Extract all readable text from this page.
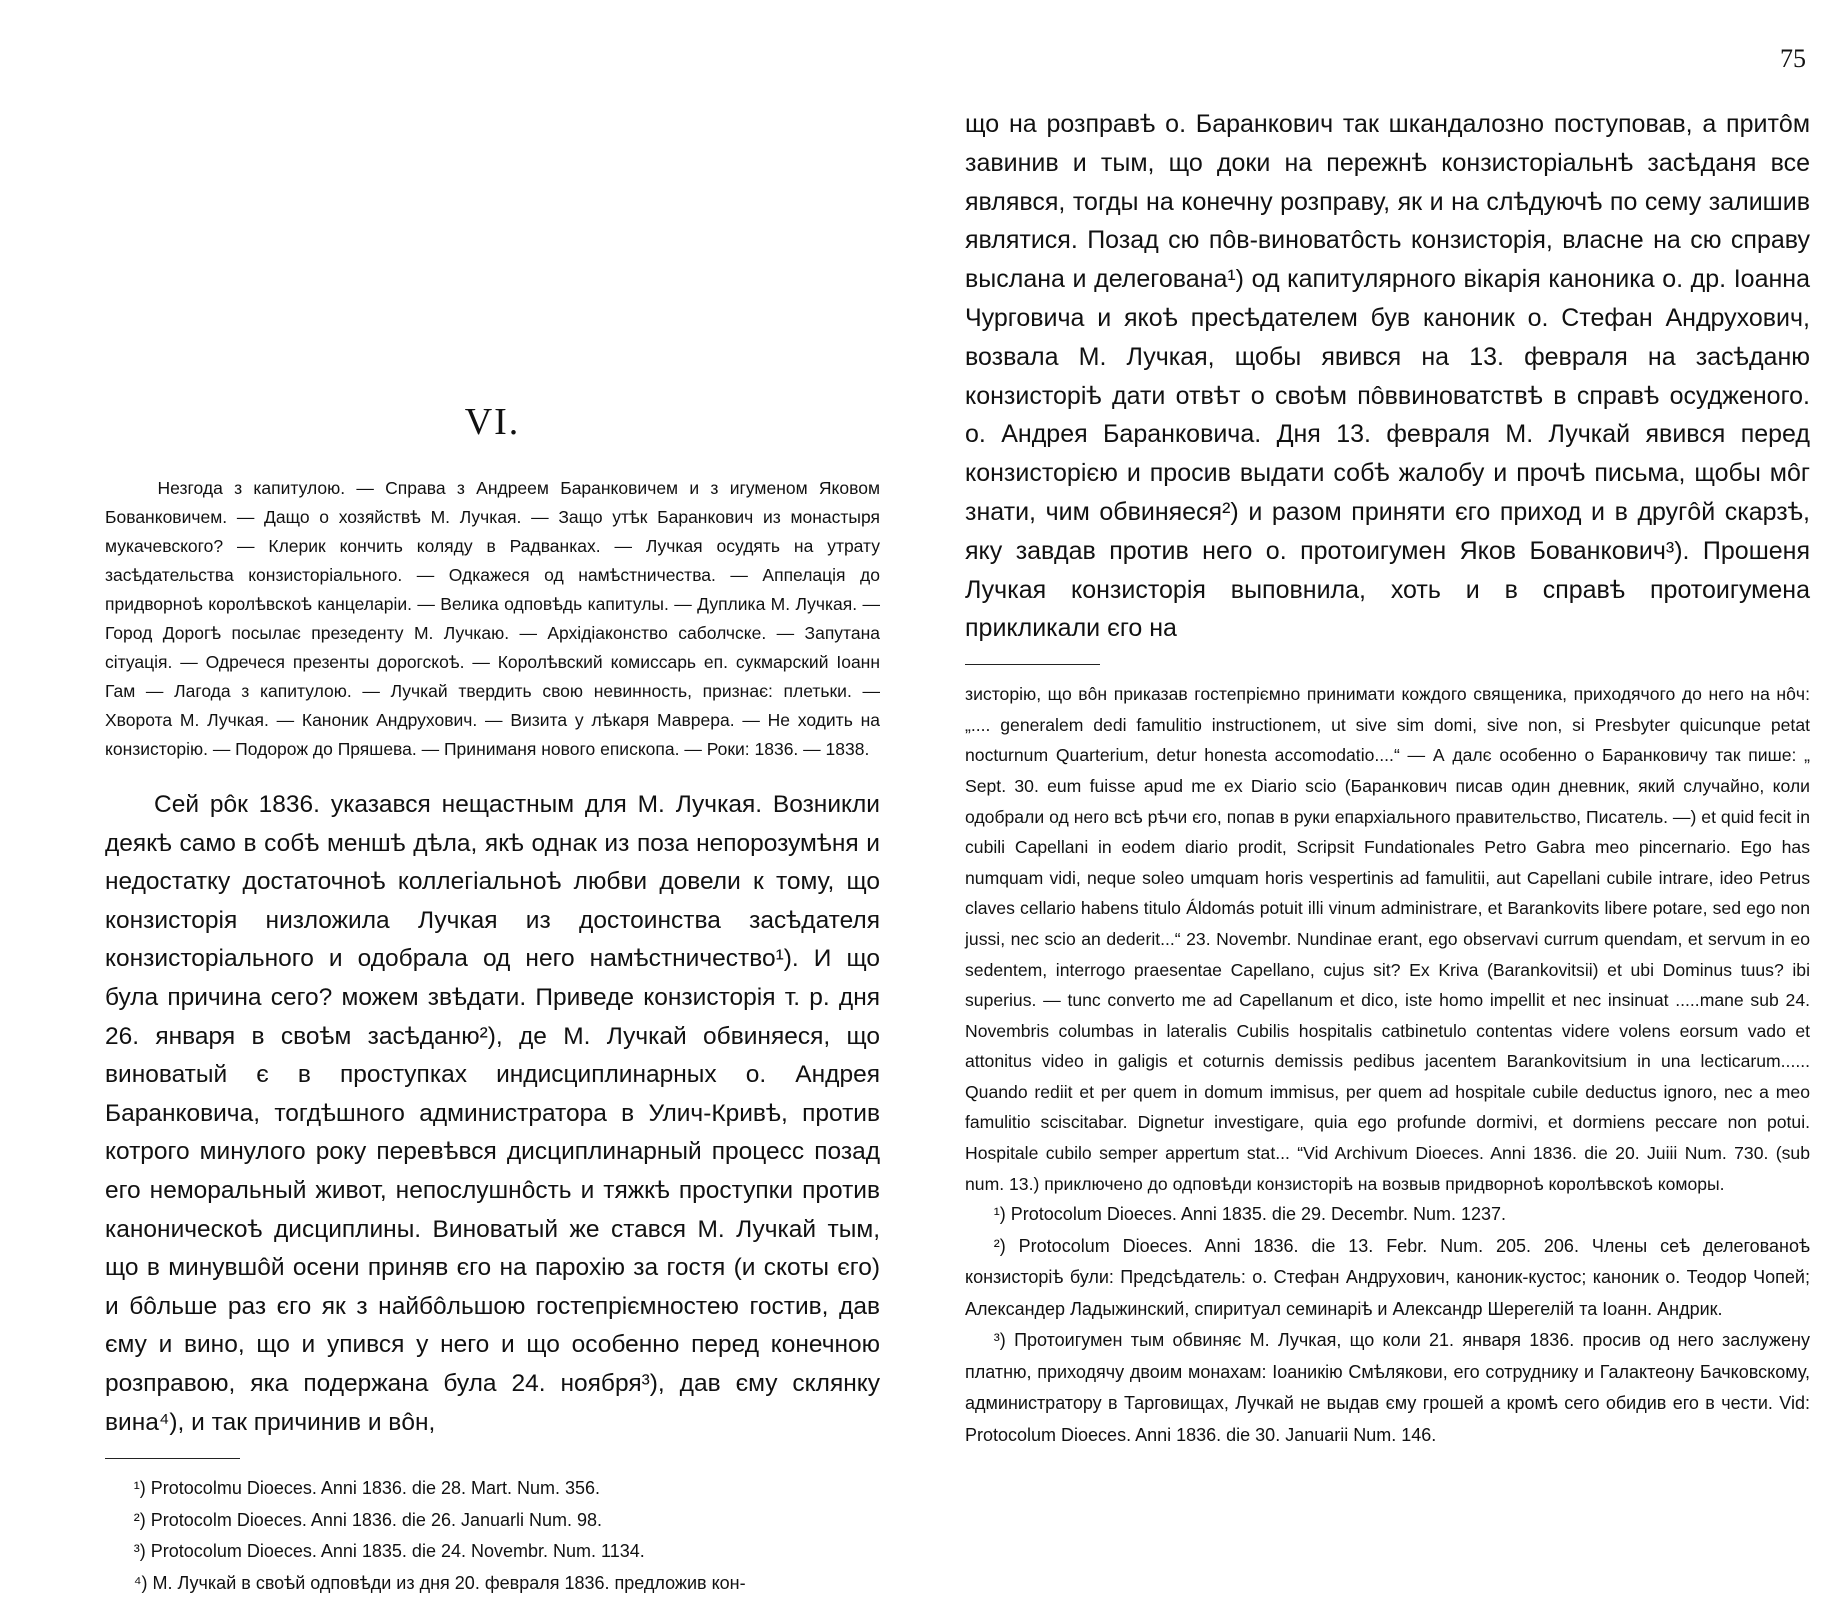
75
VI.

Незгода з капитулою. — Справа з Андреем Баранковичем и з игуменом Яковом Бованковичем. — Дащо о хозяйствѣ М. Лучкая. — Защо утѣк Баранкович из монастыря мукачевского? — Клерик кончить коляду в Радванках. — Лучкая осудять на утрату засѣдательства конзисторіального. — Одкажеся од намѣстничества. — Аппелація до придворноѣ королѣвскоѣ канцеларіи. — Велика одповѣдь капитулы. — Дуплика М. Лучкая. — Город Дорогѣ посылає презеденту М. Лучкаю. — Архідіаконство саболчске. — Запутана сітуація. — Одречеся презенты дорогскоѣ. — Королѣвский комиссарь еп. сукмарский Іоанн Гам — Лагода з капитулою. — Лучкай твердить свою невинность, признає: плетьки. — Хворота М. Лучкая. — Каноник Андрухович. — Визита у лѣкаря Маврера. — Не ходить на конзисторію. — Подорож до Пряшева. — Приниманя нового епископа. — Роки: 1836. — 1838.

Сей рôк 1836. указався нещастным для М. Лучкая. Возникли деякѣ само в собѣ меншѣ дѣла, якѣ однак из поза непорозумѣня и недостатку достаточноѣ коллегіальноѣ любви довели к тому, що конзисторія низложила Лучкая из достоинства засѣдателя конзисторіального и одобрала од него намѣстничество¹). И що була причина сего? можем звѣдати. Приведе конзисторія т. р. дня 26. января в своѣм засѣданю²), де М. Лучкай обвиняеся, що виноватый є в проступках индисциплинарных о. Андрея Баранковича, тогдѣшного администратора в Улич-Кривѣ, против котрого минулого року перевѣвся дисциплинарный процесс позад его неморальный живот, непослушнôсть и тяжкѣ проступки против каноническоѣ дисциплины. Виноватый же стався М. Лучкай тым, що в минувшôй осени приняв єго на парохію за гостя (и скоты єго) и бôльше раз єго як з найбôльшою гостепріємностею гостив, дав єму и вино, що и упився у него и що особенно перед конечною розправою, яка подержана була 24. ноября³), дав єму склянку вина⁴), и так причинив и вôн,

¹) Protocolmu Dioeces. Anni 1836. die 28. Mart. Num. 356.

²) Protocolm Dioeces. Anni 1836. die 26. Januarli Num. 98.

³) Protocolum Dioeces. Anni 1835. die 24. Novembr. Num. 1134.

⁴) М. Лучкай в своѣй одповѣди из дня 20. февраля 1836. предложив кон-

що на розправѣ о. Баранкович так шкандалозно поступовав, а притôм завинив и тым, що доки на пережнѣ конзисторіальнѣ засѣданя все являвся, тогды на конечну розправу, як и на слѣдуючѣ по сему залишив являтися. Позад сю пôв-виноватôсть конзисторія, власне на сю справу выслана и делегована¹) од капитулярного вікарія каноника о. др. Іоанна Чурговича и якоѣ пресѣдателем був каноник о. Стефан Андрухович, возвала М. Лучкая, щобы явився на 13. февраля на засѣданю конзисторіѣ дати отвѣт о своѣм пôввиноватствѣ в справѣ осудженого. о. Андрея Баранковича. Дня 13. февраля М. Лучкай явився перед конзисторією и просив выдати собѣ жалобу и прочѣ письма, щобы мôг знати, чим обвиняеся²) и разом приняти єго приход и в другôй скарзѣ, яку завдав против него о. протоигумен Яков Бованкович³). Прошеня Лучкая конзисторія выповнила, хоть и в справѣ протоигумена прикликали єго на

зисторію, що вôн приказав гостепріємно принимати кождого священика, приходячого до него на нôч: „.... generalem dedi famulitio instructionem, ut sive sim domi, sive non, si Presbyter quicunque petat nocturnum Quarterium, detur honesta accomodatio....“ — А далє особенно о Баранковичу так пише: „ Sept. 30. eum fuisse apud me ex Diario scio (Баранкович писав один дневник, який случайно, коли одобрали од него всѣ рѣчи єго, попав в руки епархіального правительство, Писатель. —) et quid fecit in cubili Capellani in eodem diario prodit, Scripsit Fundationales Petro Gabra meo pincernario. Ego has numquam vidi, neque soleo umquam horis vespertinis ad famulitii, aut Capellani cubile intrare, ideo Petrus claves cellario habens titulo Áldomás potuit illi vinum administrare, et Barankovits libere potare, sed ego non jussi, nec scio an dederit...“ 23. Novembr. Nundinae erant, ego observavi currum quendam, et servum in eo sedentem, interrogo praesentae Capellano, cujus sit? Ex Kriva (Barankovitsii) et ubi Dominus tuus? ibi superius. — tunc converto me ad Capellanum et dico, iste homo impellit et nec insinuat .....mane sub 24. Novembris columbas in lateralis Cubilis hospitalis catbinetulo contentas videre volens eorsum vado et attonitus video in galigis et coturnis demissis pedibus jacentem Barankovitsium in una lecticarum...... Quando rediit et per quem in domum immisus, per quem ad hospitale cubile deductus ignoro, nec a meo famulitio sciscitabar. Dignetur investigare, quia ego profunde dormivi, et dormiens peccare non potui. Hospitale cubilo semper appertum stat... “Vid Archivum Dioeces. Anni 1836. die 20. Juiii Num. 730. (sub num. 13.) приключено до одповѣди конзисторіѣ на возвыв придворноѣ королѣвскоѣ коморы.

¹) Protocolum Dioeces. Anni 1835. die 29. Decembr. Num. 1237.

²) Protocolum Dioeces. Anni 1836. die 13. Febr. Num. 205. 206. Члены сеѣ делегованоѣ конзисторіѣ були: Предсѣдатель: о. Стефан Андрухович, каноник-кустос; каноник о. Теодор Чопей; Александер Ладыжинский, спиритуал семинаріѣ и Александр Шерегелій та Іоанн. Андрик.

³) Протоигумен тым обвиняє М. Лучкая, що коли 21. января 1836. просив од него заслужену платню, приходячу двоим монахам: Іоаникію Смѣлякови, его сотруднику и Галактеону Бачковскому, администратору в Тарговищах, Лучкай не выдав єму грошей а кромѣ сего обидив его в чести. Vid: Protocolum Dioeces. Anni 1836. die 30. Januarii Num. 146.
